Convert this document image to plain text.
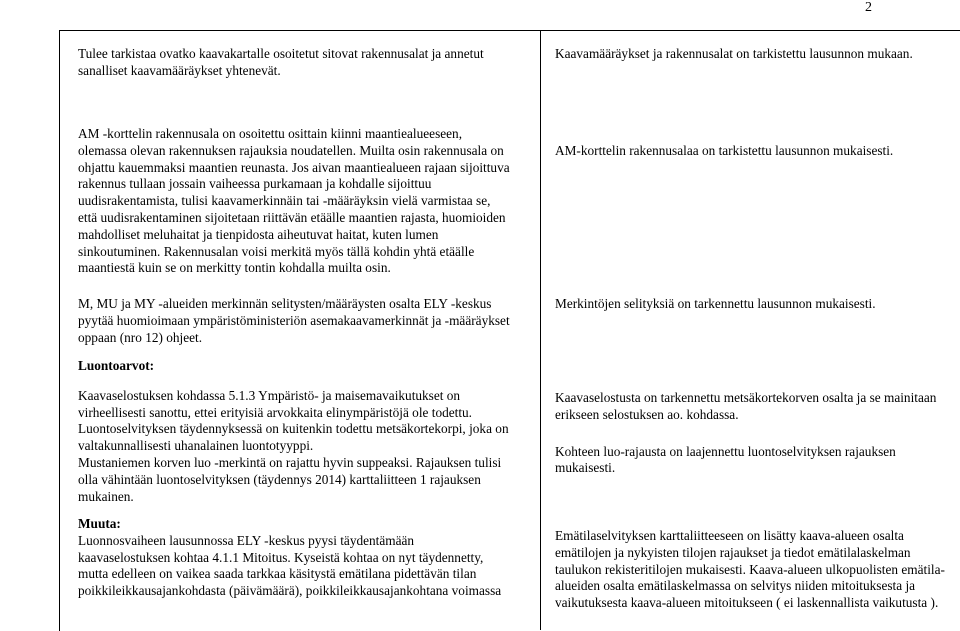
2

Tulee tarkistaa ovatko kaavakartalle osoitetut sitovat rakennusalat ja annetut
sanalliset kaavamääräykset yhtenevät.

Kaavamääräykset ja rakennusalat on tarkistettu lausunnon mukaan.

AM -korttelin rakennusala on osoitettu osittain kiinni maantiealueeseen,
olemassa olevan rakennuksen rajauksia noudatellen. Muilta osin rakennusala on
ohjattu kauemmaksi maantien reunasta. Jos aivan maantiealueen rajaan sijoittuva
rakennus tullaan jossain vaiheessa purkamaan ja kohdalle sijoittuu
uudisrakentamista, tulisi kaavamerkinnäin tai -määräyksin vielä varmistaa se,
että uudisrakentaminen sijoitetaan riittävän etäälle maantien rajasta, huomioiden
mahdolliset meluhaitat ja tienpidosta aiheutuvat haitat, kuten lumen
sinkoutuminen. Rakennusalan voisi merkitä myös tällä kohdin yhtä etäälle
maantiestä kuin se on merkitty tontin kohdalla muilta osin.

AM-korttelin rakennusalaa on tarkistettu lausunnon mukaisesti.

M, MU ja MY -alueiden merkinnän selitysten/määräysten osalta ELY -keskus
pyytää huomioimaan ympäristöministeriön asemakaavamerkinnät ja -määräykset
oppaan (nro 12) ohjeet.

Merkintöjen selityksiä on tarkennettu lausunnon mukaisesti.

Luontoarvot:

Kaavaselostuksen kohdassa 5.1.3 Ympäristö- ja maisemavaikutukset on
virheellisesti sanottu, ettei erityisiä arvokkaita elinympäristöjä ole todettu.
Luontoselvityksen täydennyksessä on kuitenkin todettu metsäkortekorpi, joka on
valtakunnallisesti uhanalainen luontotyyppi.
Mustaniemen korven luo -merkintä on rajattu hyvin suppeaksi. Rajauksen tulisi
olla vähintään luontoselvityksen (täydennys 2014) karttaliitteen 1 rajauksen
mukainen.

Kaavaselostusta on tarkennettu metsäkortekorven osalta ja se mainitaan
erikseen selostuksen ao. kohdassa.

Kohteen luo-rajausta on laajennettu luontoselvityksen rajauksen
mukaisesti.

Muuta:

Luonnosvaiheen lausunnossa ELY -keskus pyysi täydentämään
kaavaselostuksen kohtaa 4.1.1 Mitoitus. Kyseistä kohtaa on nyt täydennetty,
mutta edelleen on vaikea saada tarkkaa käsitystä emätilana pidettävän tilan
poikkileikkausajankohdasta (päivämäärä), poikkileikkausajankohtana voimassa

Emätilaselvityksen karttaliitteeseen on lisätty kaava-alueen osalta
emätilojen ja nykyisten tilojen rajaukset ja tiedot emätilalaskelman
taulukon rekisteritilojen mukaisesti. Kaava-alueen ulkopuolisten emätila-
alueiden osalta emätilaskelmassa on selvitys niiden mitoituksesta ja
vaikutuksesta kaava-alueen mitoitukseen ( ei laskennallista vaikutusta ).
